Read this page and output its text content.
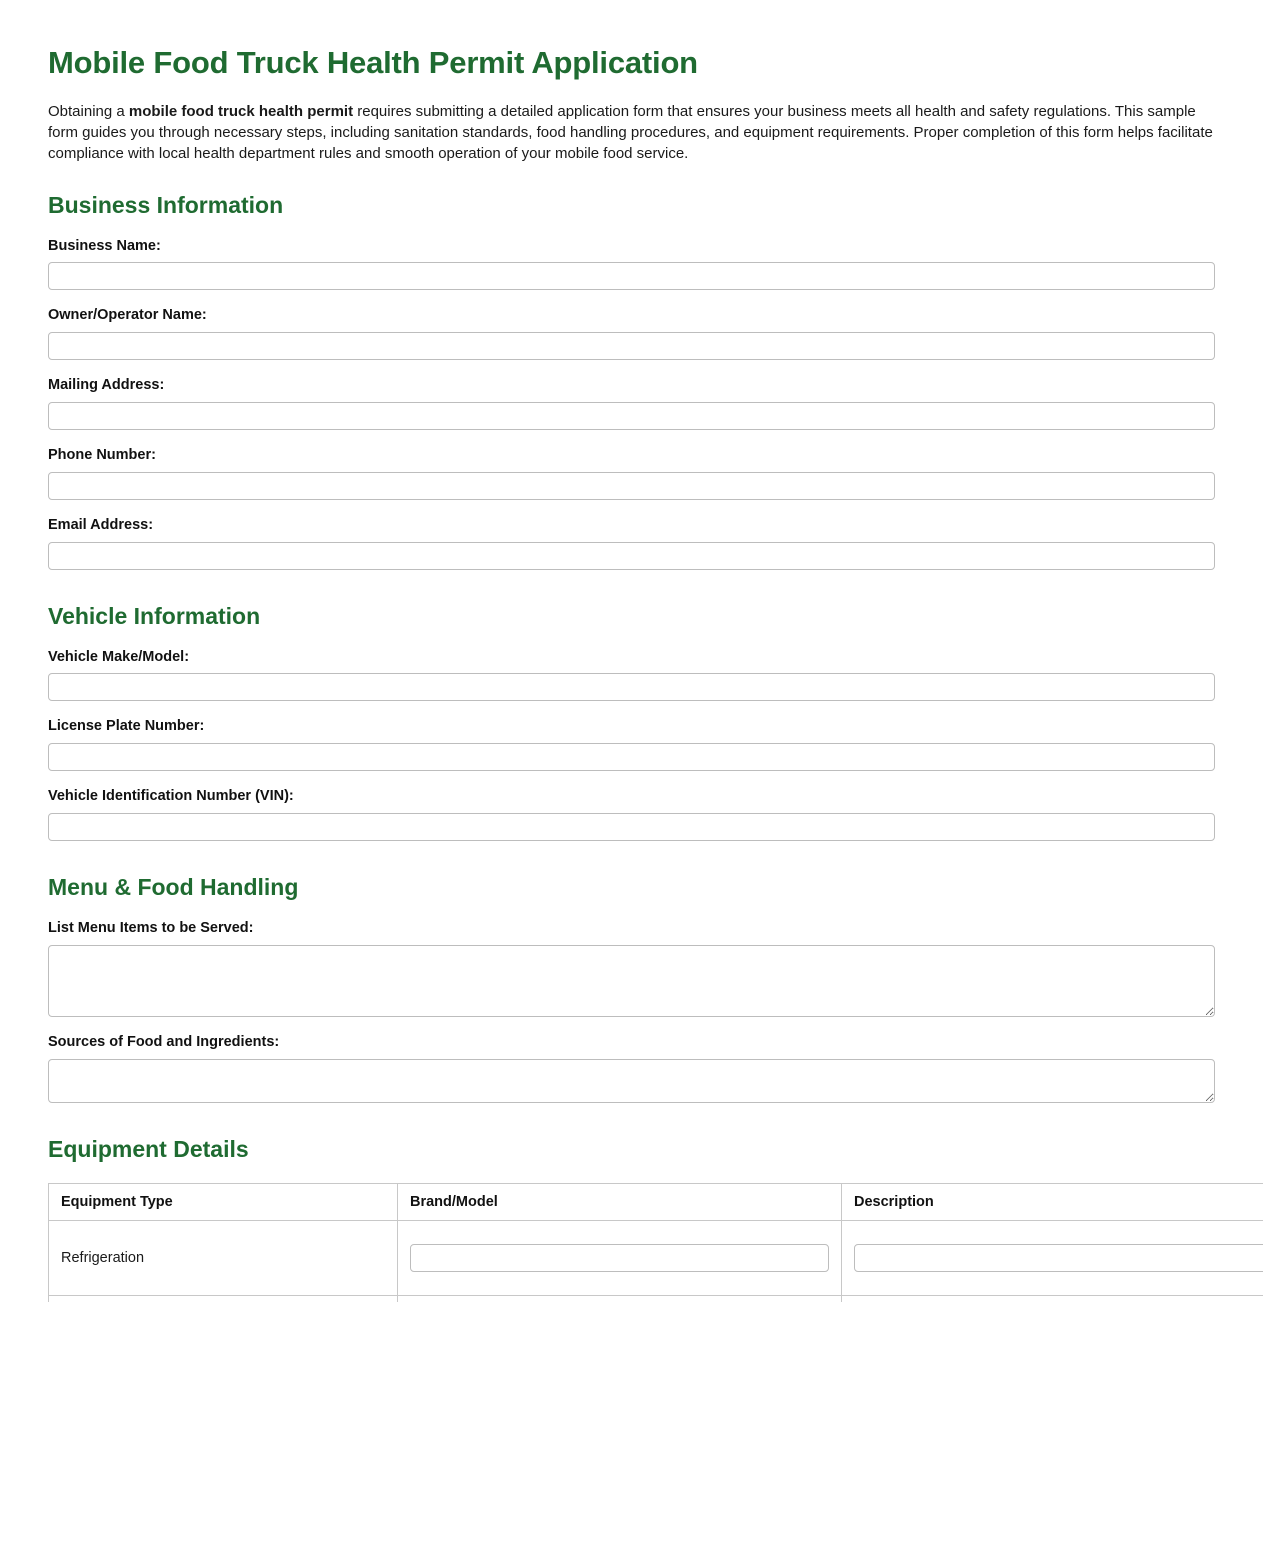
Mobile Food Truck Health Permit Application

Obtaining a mobile food truck health permit requires submitting a detailed application form that ensures your business meets all health and safety regulations. This sample form guides you through necessary steps, including sanitation standards, food handling procedures, and equipment requirements. Proper completion of this form helps facilitate compliance with local health department rules and smooth operation of your mobile food service.

Business Information
Business Name:
Owner/Operator Name:
Mailing Address:
Phone Number:
Email Address:
Vehicle Information
Vehicle Make/Model:
License Plate Number:
Vehicle Identification Number (VIN):
Menu & Food Handling
List Menu Items to be Served:
Sources of Food and Ingredients:
Equipment Details
Equipment Type	Brand/Model	Description
Refrigeration	
